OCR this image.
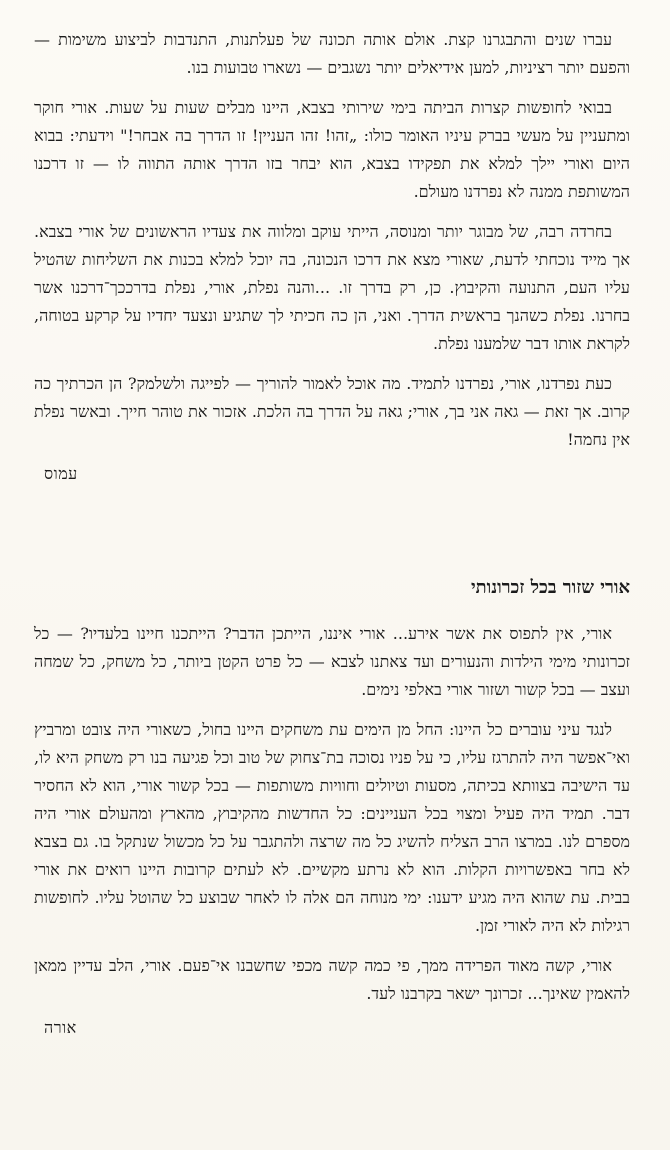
עברו שנים והתבגרנו קצת. אולם אותה תכונה של פעלתנות, התנדבות לביצוע משימות — והפעם יותר רציניות, למען אידיאלים יותר נשגבים — נשארו טבועות בנו.

בבואי לחופשות קצרות הביתה בימי שירותי בצבא, היינו מבלים שעות על שעות. אורי חוקר ומתעניין על מעשי בברק עיניו האומר כולו: „זהו! זהו העניין! זו הדרך בה אבחר!" וידעתי: בבוא היום ואורי יילך למלא את תפקידו בצבא, הוא יבחר בזו הדרך אותה התווה לו — זו דרכנו המשותפת ממנה לא נפרדנו מעולם.

בחרדה רבה, של מבוגר יותר ומנוסה, הייתי עוקב ומלווה את צעדיו הראשונים של אורי בצבא. אך מייד נוכחתי לדעת, שאורי מצא את דרכו הנכונה, בה יוכל למלא בכנות את השליחות שהטיל עליו העם, התנועה והקיבוץ. כן, רק בדרך זו. ...והנה נפלת, אורי, נפלת בדרככך־דרכנו אשר בחרנו. נפלת כשהנך בראשית הדרך. ואני, הן כה חכיתי לך שתגיע ונצעד יחדיו על קרקע בטוחה, לקראת אותו דבר שלמענו נפלת.

כעת נפרדנו, אורי, נפרדנו לתמיד. מה אוכל לאמור להוריך — לפייגה ולשלמק? הן הכרתיך כה קרוב. אך זאת — גאה אני בך, אורי; גאה על הדרך בה הלכת. אזכור את טוהר חייך. ובאשר נפלת אין נחמה!

עמוס
אורי שזור בכל זכרונותי

אורי, אין לתפוס את אשר אירע... אורי איננו, הייתכן הדבר? הייתכנו חיינו בלעדיו? — כל זכרונותי מימי הילדות והנעורים ועד צאתנו לצבא — כל פרט הקטן ביותר, כל משחק, כל שמחה ועצב — בכל קשור ושזור אורי באלפי נימים.

לנגד עיני עוברים כל היינו: החל מן הימים עת משחקים היינו בחול, כשאורי היה צובט ומרביץ ואי־אפשר היה להתרגז עליו, כי על פניו נסוכה בת־צחוק של טוב וכל פגיעה בנו רק משחק היא לו, עד הישיבה בצוותא בכיתה, מסעות וטיולים וחוויות משותפות — בכל קשור אורי, הוא לא החסיר דבר. תמיד היה פעיל ומצוי בכל העניינים: כל החדשות מהקיבוץ, מהארץ ומהעולם אורי היה מספרם לנו. במרצו הרב הצליח להשיג כל מה שרצה ולהתגבר על כל מכשול שנתקל בו. גם בצבא לא בחר באפשרויות הקלות. הוא לא נרתע מקשיים. לא לעתים קרובות היינו רואים את אורי בבית. עת שהוא היה מגיע ידענו: ימי מנוחה הם אלה לו לאחר שבוצע כל שהוטל עליו. לחופשות רגילות לא היה לאורי זמן.

אורי, קשה מאוד הפרידה ממך, פי כמה קשה מכפי שחשבנו אי־פעם. אורי, הלב עדיין ממאן להאמין שאינך... זכרונך ישאר בקרבנו לעד.

אורה
